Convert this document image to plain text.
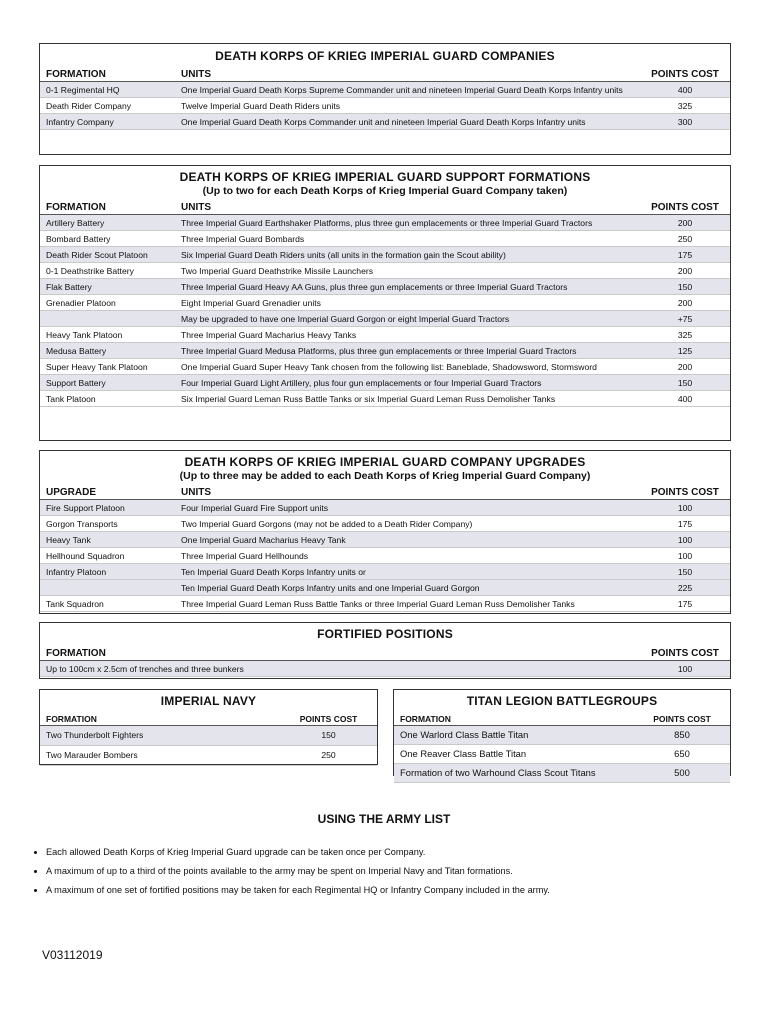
DEATH KORPS OF KRIEG IMPERIAL GUARD COMPANIES
FORMATION	UNITS	POINTS COST
0-1 Regimental HQ	One Imperial Guard Death Korps Supreme Commander unit and nineteen Imperial Guard Death Korps Infantry units	400
Death Rider Company	Twelve Imperial Guard Death Riders units	325
Infantry Company	One Imperial Guard Death Korps Commander unit and nineteen Imperial Guard Death Korps Infantry units	300
DEATH KORPS OF KRIEG IMPERIAL GUARD SUPPORT FORMATIONS
(Up to two for each Death Korps of Krieg Imperial Guard Company taken)
FORMATION	UNITS	POINTS COST
Artillery Battery	Three Imperial Guard Earthshaker Platforms, plus three gun emplacements or three Imperial Guard Tractors	200
Bombard Battery	Three Imperial Guard Bombards	250
Death Rider Scout Platoon	Six Imperial Guard Death Riders units (all units in the formation gain the Scout ability)	175
0-1 Deathstrike Battery	Two Imperial Guard Deathstrike Missile Launchers	200
Flak Battery	Three Imperial Guard Heavy AA Guns, plus three gun emplacements or three Imperial Guard Tractors	150
Grenadier Platoon	Eight Imperial Guard Grenadier units	200
	May be upgraded to have one Imperial Guard Gorgon or eight Imperial Guard Tractors	+75
Heavy Tank Platoon	Three Imperial Guard Macharius Heavy Tanks	325
Medusa Battery	Three Imperial Guard Medusa Platforms, plus three gun emplacements or three Imperial Guard Tractors	125
Super Heavy Tank Platoon	One Imperial Guard Super Heavy Tank chosen from the following list: Baneblade, Shadowsword, Stormsword	200
Support Battery	Four Imperial Guard Light Artillery, plus four gun emplacements or four Imperial Guard Tractors	150
Tank Platoon	Six Imperial Guard Leman Russ Battle Tanks or six Imperial Guard Leman Russ Demolisher Tanks	400
DEATH KORPS OF KRIEG IMPERIAL GUARD COMPANY UPGRADES
(Up to three may be added to each Death Korps of Krieg Imperial Guard Company)
UPGRADE	UNITS	POINTS COST
Fire Support Platoon	Four Imperial Guard Fire Support units	100
Gorgon Transports	Two Imperial Guard Gorgons (may not be added to a Death Rider Company)	175
Heavy Tank	One Imperial Guard Macharius Heavy Tank	100
Hellhound Squadron	Three Imperial Guard Hellhounds	100
Infantry Platoon	Ten Imperial Guard Death Korps Infantry units or	150
	Ten Imperial Guard Death Korps Infantry units and one Imperial Guard Gorgon	225
Tank Squadron	Three Imperial Guard Leman Russ Battle Tanks or three Imperial Guard Leman Russ Demolisher Tanks	175
FORTIFIED POSITIONS
FORMATION	POINTS COST
Up to 100cm x 2.5cm of trenches and three bunkers	100
IMPERIAL NAVY
FORMATION	POINTS COST
Two Thunderbolt Fighters	150
Two Marauder Bombers	250
TITAN LEGION BATTLEGROUPS
FORMATION	POINTS COST
One Warlord Class Battle Titan	850
One Reaver Class Battle Titan	650
Formation of two Warhound Class Scout Titans	500
USING THE ARMY LIST
• Each allowed Death Korps of Krieg Imperial Guard upgrade can be taken once per Company.
• A maximum of up to a third of the points available to the army may be spent on Imperial Navy and Titan formations.
• A maximum of one set of fortified positions may be taken for each Regimental HQ or Infantry Company included in the army.
V03112019
